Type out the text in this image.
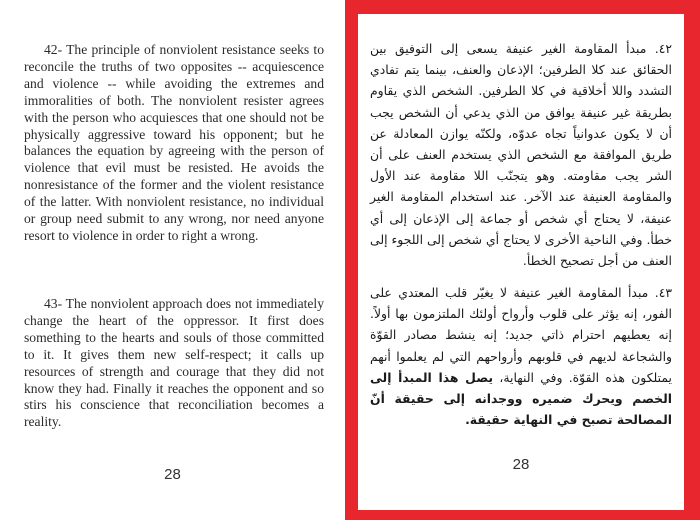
42- The principle of nonviolent resistance seeks to reconcile the truths of two opposites -- acquiescence and violence -- while avoiding the extremes and immoralities of both. The nonviolent resister agrees with the person who acquiesces that one should not be physically aggressive toward his opponent; but he balances the equation by agreeing with the person of violence that evil must be resisted. He avoids the nonresistance of the former and the violent resistance of the latter. With nonviolent resistance, no individual or group need submit to any wrong, nor need anyone resort to violence in order to right a wrong.
43- The nonviolent approach does not immediately change the heart of the oppressor. It first does something to the hearts and souls of those committed to it. It gives them new self-respect; it calls up resources of strength and courage that they did not know they had. Finally it reaches the opponent and so stirs his conscience that reconciliation becomes a reality.
28
٤٢. مبدأ المقاومة الغير عنيفة يسعى إلى التوفيق بين الحقائق عند كلا الطرفين؛ الإذعان والعنف، بينما يتم تفادي التشدد واللا أخلاقية في كلا الطرفين. الشخص الذي يقاوم بطريقة غير عنيفة يوافق من الذي يدعي أن الشخص يجب أن لا يكون عدوانياً تجاه عدوّه، ولكنّه يوازن المعادلة عن طريق الموافقة مع الشخص الذي يستخدم العنف على أن الشر يجب مقاومته. وهو يتجنّب اللا مقاومة عند الأول والمقاومة العنيفة عند الآخر. عند استخدام المقاومة الغير عنيفة، لا يحتاج أي شخص أو جماعة إلى الإذعان إلى أي خطأ. وفي الناحية الأخرى لا يحتاج أي شخص إلى اللجوء إلى العنف من أجل تصحيح الخطأ.
٤٣. مبدأ المقاومة الغير عنيفة لا يغيّر قلب المعتدي على الفور، إنه يؤثر على قلوب وأرواح أولئك الملتزمون بها أولاً. إنه يعطيهم احترام ذاتي جديد؛ إنه ينشط مصادر القوّة والشجاعة لديهم في قلوبهم وأرواحهم التي لم يعلموا أنهم يمتلكون هذه القوّة. وفي النهاية، يصل هذا المبدأ إلى الخصم ويحرك ضميره ووجدانه إلى حقيقة أنّ المصالحة تصبح في النهاية حقيقة.
28
